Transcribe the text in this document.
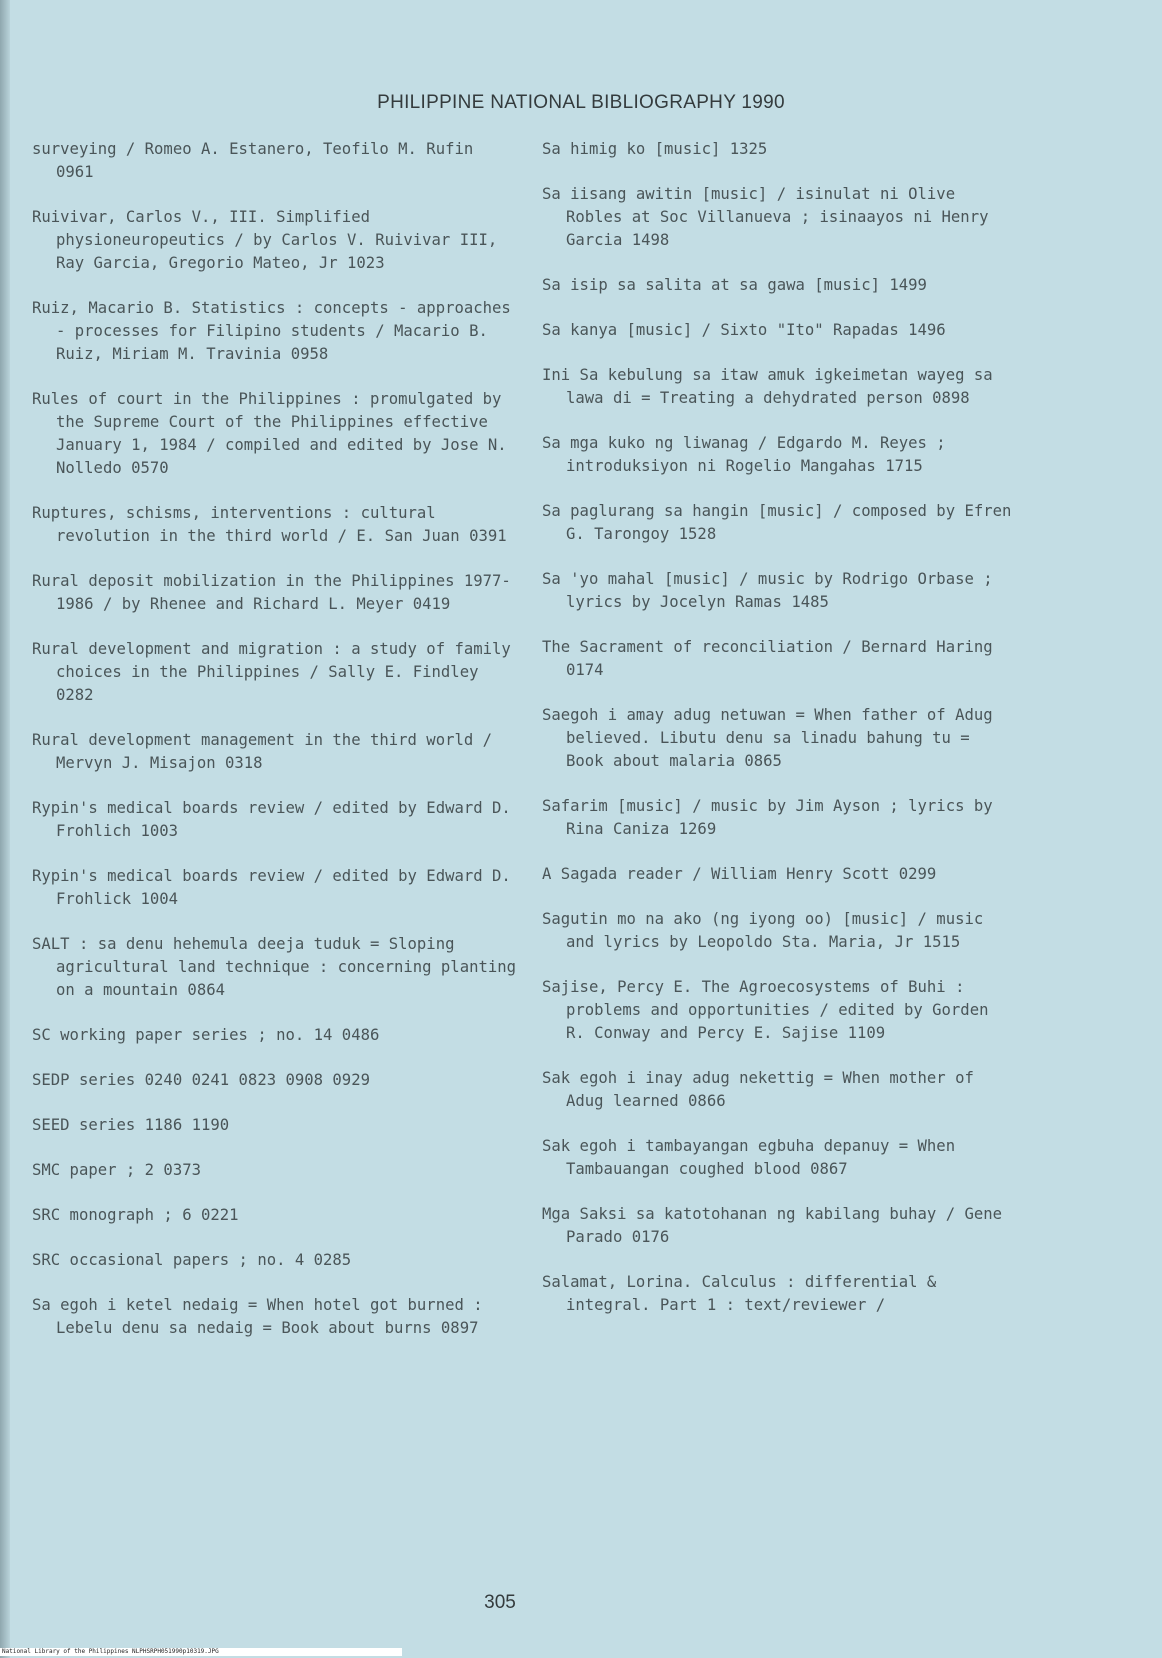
PHILIPPINE NATIONAL BIBLIOGRAPHY 1990

surveying / Romeo A. Estanero, Teofilo M. Rufin 0961

Ruivivar, Carlos V., III. Simplified physioneuropeutics / by Carlos V. Ruivivar III, Ray Garcia, Gregorio Mateo, Jr 1023

Ruiz, Macario B. Statistics : concepts - approaches - processes for Filipino students / Macario B. Ruiz, Miriam M. Travinia 0958

Rules of court in the Philippines : promulgated by the Supreme Court of the Philippines effective January 1, 1984 / compiled and edited by Jose N. Nolledo 0570

Ruptures, schisms, interventions : cultural revolution in the third world / E. San Juan 0391

Rural deposit mobilization in the Philippines 1977-1986 / by Rhenee and Richard L. Meyer 0419

Rural development and migration : a study of family choices in the Philippines / Sally E. Findley 0282

Rural development management in the third world / Mervyn J. Misajon 0318

Rypin's medical boards review / edited by Edward D. Frohlich 1003

Rypin's medical boards review / edited by Edward D. Frohlick 1004

SALT : sa denu hehemula deeja tuduk = Sloping agricultural land technique : concerning planting on a mountain 0864

SC working paper series ; no. 14 0486

SEDP series 0240 0241 0823 0908 0929

SEED series 1186 1190

SMC paper ; 2 0373

SRC monograph ; 6 0221

SRC occasional papers ; no. 4 0285

Sa egoh i ketel nedaig = When hotel got burned : Lebelu denu sa nedaig = Book about burns 0897

Sa himig ko [music] 1325

Sa iisang awitin [music] / isinulat ni Olive Robles at Soc Villanueva ; isinaayos ni Henry Garcia 1498

Sa isip sa salita at sa gawa [music] 1499

Sa kanya [music] / Sixto "Ito" Rapadas 1496

Ini Sa kebulung sa itaw amuk igkeimetan wayeg sa lawa di = Treating a dehydrated person 0898

Sa mga kuko ng liwanag / Edgardo M. Reyes ; introduksiyon ni Rogelio Mangahas 1715

Sa paglurang sa hangin [music] / composed by Efren G. Tarongoy 1528

Sa 'yo mahal [music] / music by Rodrigo Orbase ; lyrics by Jocelyn Ramas 1485

The Sacrament of reconciliation / Bernard Haring 0174

Saegoh i amay adug netuwan = When father of Adug believed. Libutu denu sa linadu bahung tu = Book about malaria 0865

Safarim [music] / music by Jim Ayson ; lyrics by Rina Caniza 1269

A Sagada reader / William Henry Scott 0299

Sagutin mo na ako (ng iyong oo) [music] / music and lyrics by Leopoldo Sta. Maria, Jr 1515

Sajise, Percy E. The Agroecosystems of Buhi : problems and opportunities / edited by Gorden R. Conway and Percy E. Sajise 1109

Sak egoh i inay adug nekettig = When mother of Adug learned 0866

Sak egoh i tambayangan egbuha depanuy = When Tambauangan coughed blood 0867

Mga Saksi sa katotohanan ng kabilang buhay / Gene Parado 0176

Salamat, Lorina. Calculus : differential & integral. Part 1 : text/reviewer /

305
National Library of the Philippines NLPHSRPH051990p10319.JPG
